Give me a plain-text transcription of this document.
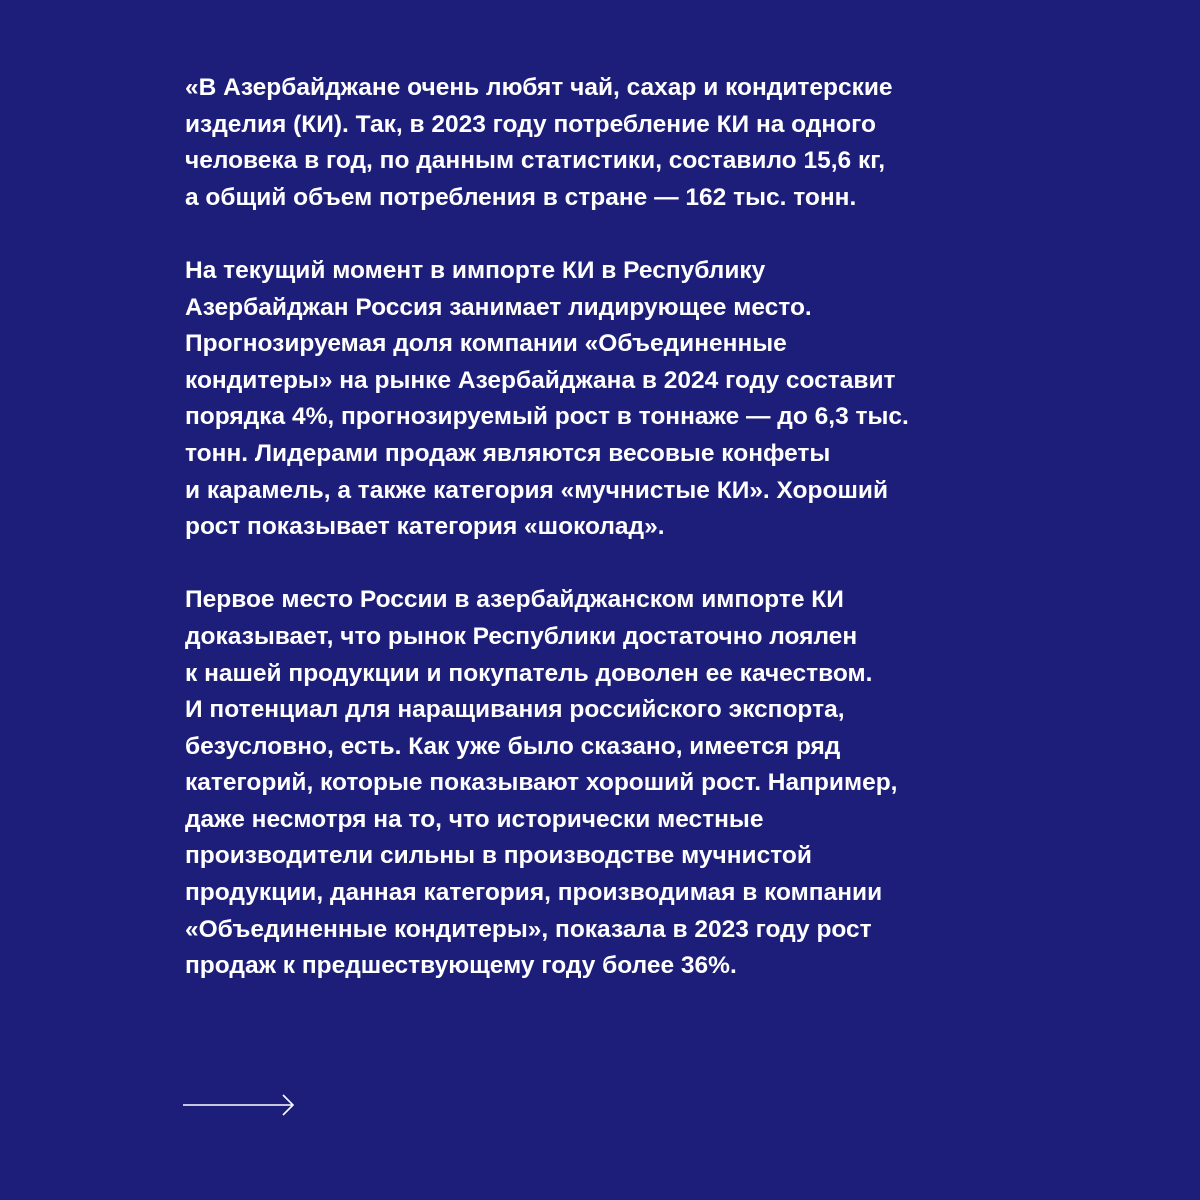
«В Азербайджане очень любят чай, сахар и кондитерские
изделия (КИ). Так, в 2023 году потребление КИ на одного
человека в год, по данным статистики, составило 15,6 кг,
а общий объем потребления в стране — 162 тыс. тонн.

На текущий момент в импорте КИ в Республику
Азербайджан Россия занимает лидирующее место.
Прогнозируемая доля компании «Объединенные
кондитеры» на рынке Азербайджана в 2024 году составит
порядка 4%, прогнозируемый рост в тоннаже — до 6,3 тыс.
тонн. Лидерами продаж являются весовые конфеты
и карамель, а также категория «мучнистые КИ». Хороший
рост показывает категория «шоколад».

Первое место России в азербайджанском импорте КИ
доказывает, что рынок Республики достаточно лоялен
к нашей продукции и покупатель доволен ее качеством.
И потенциал для наращивания российского экспорта,
безусловно, есть. Как уже было сказано, имеется ряд
категорий, которые показывают хороший рост. Например,
даже несмотря на то, что исторически местные
производители сильны в производстве мучнистой
продукции, данная категория, производимая в компании
«Объединенные кондитеры», показала в 2023 году рост
продаж к предшествующему году более 36%.
